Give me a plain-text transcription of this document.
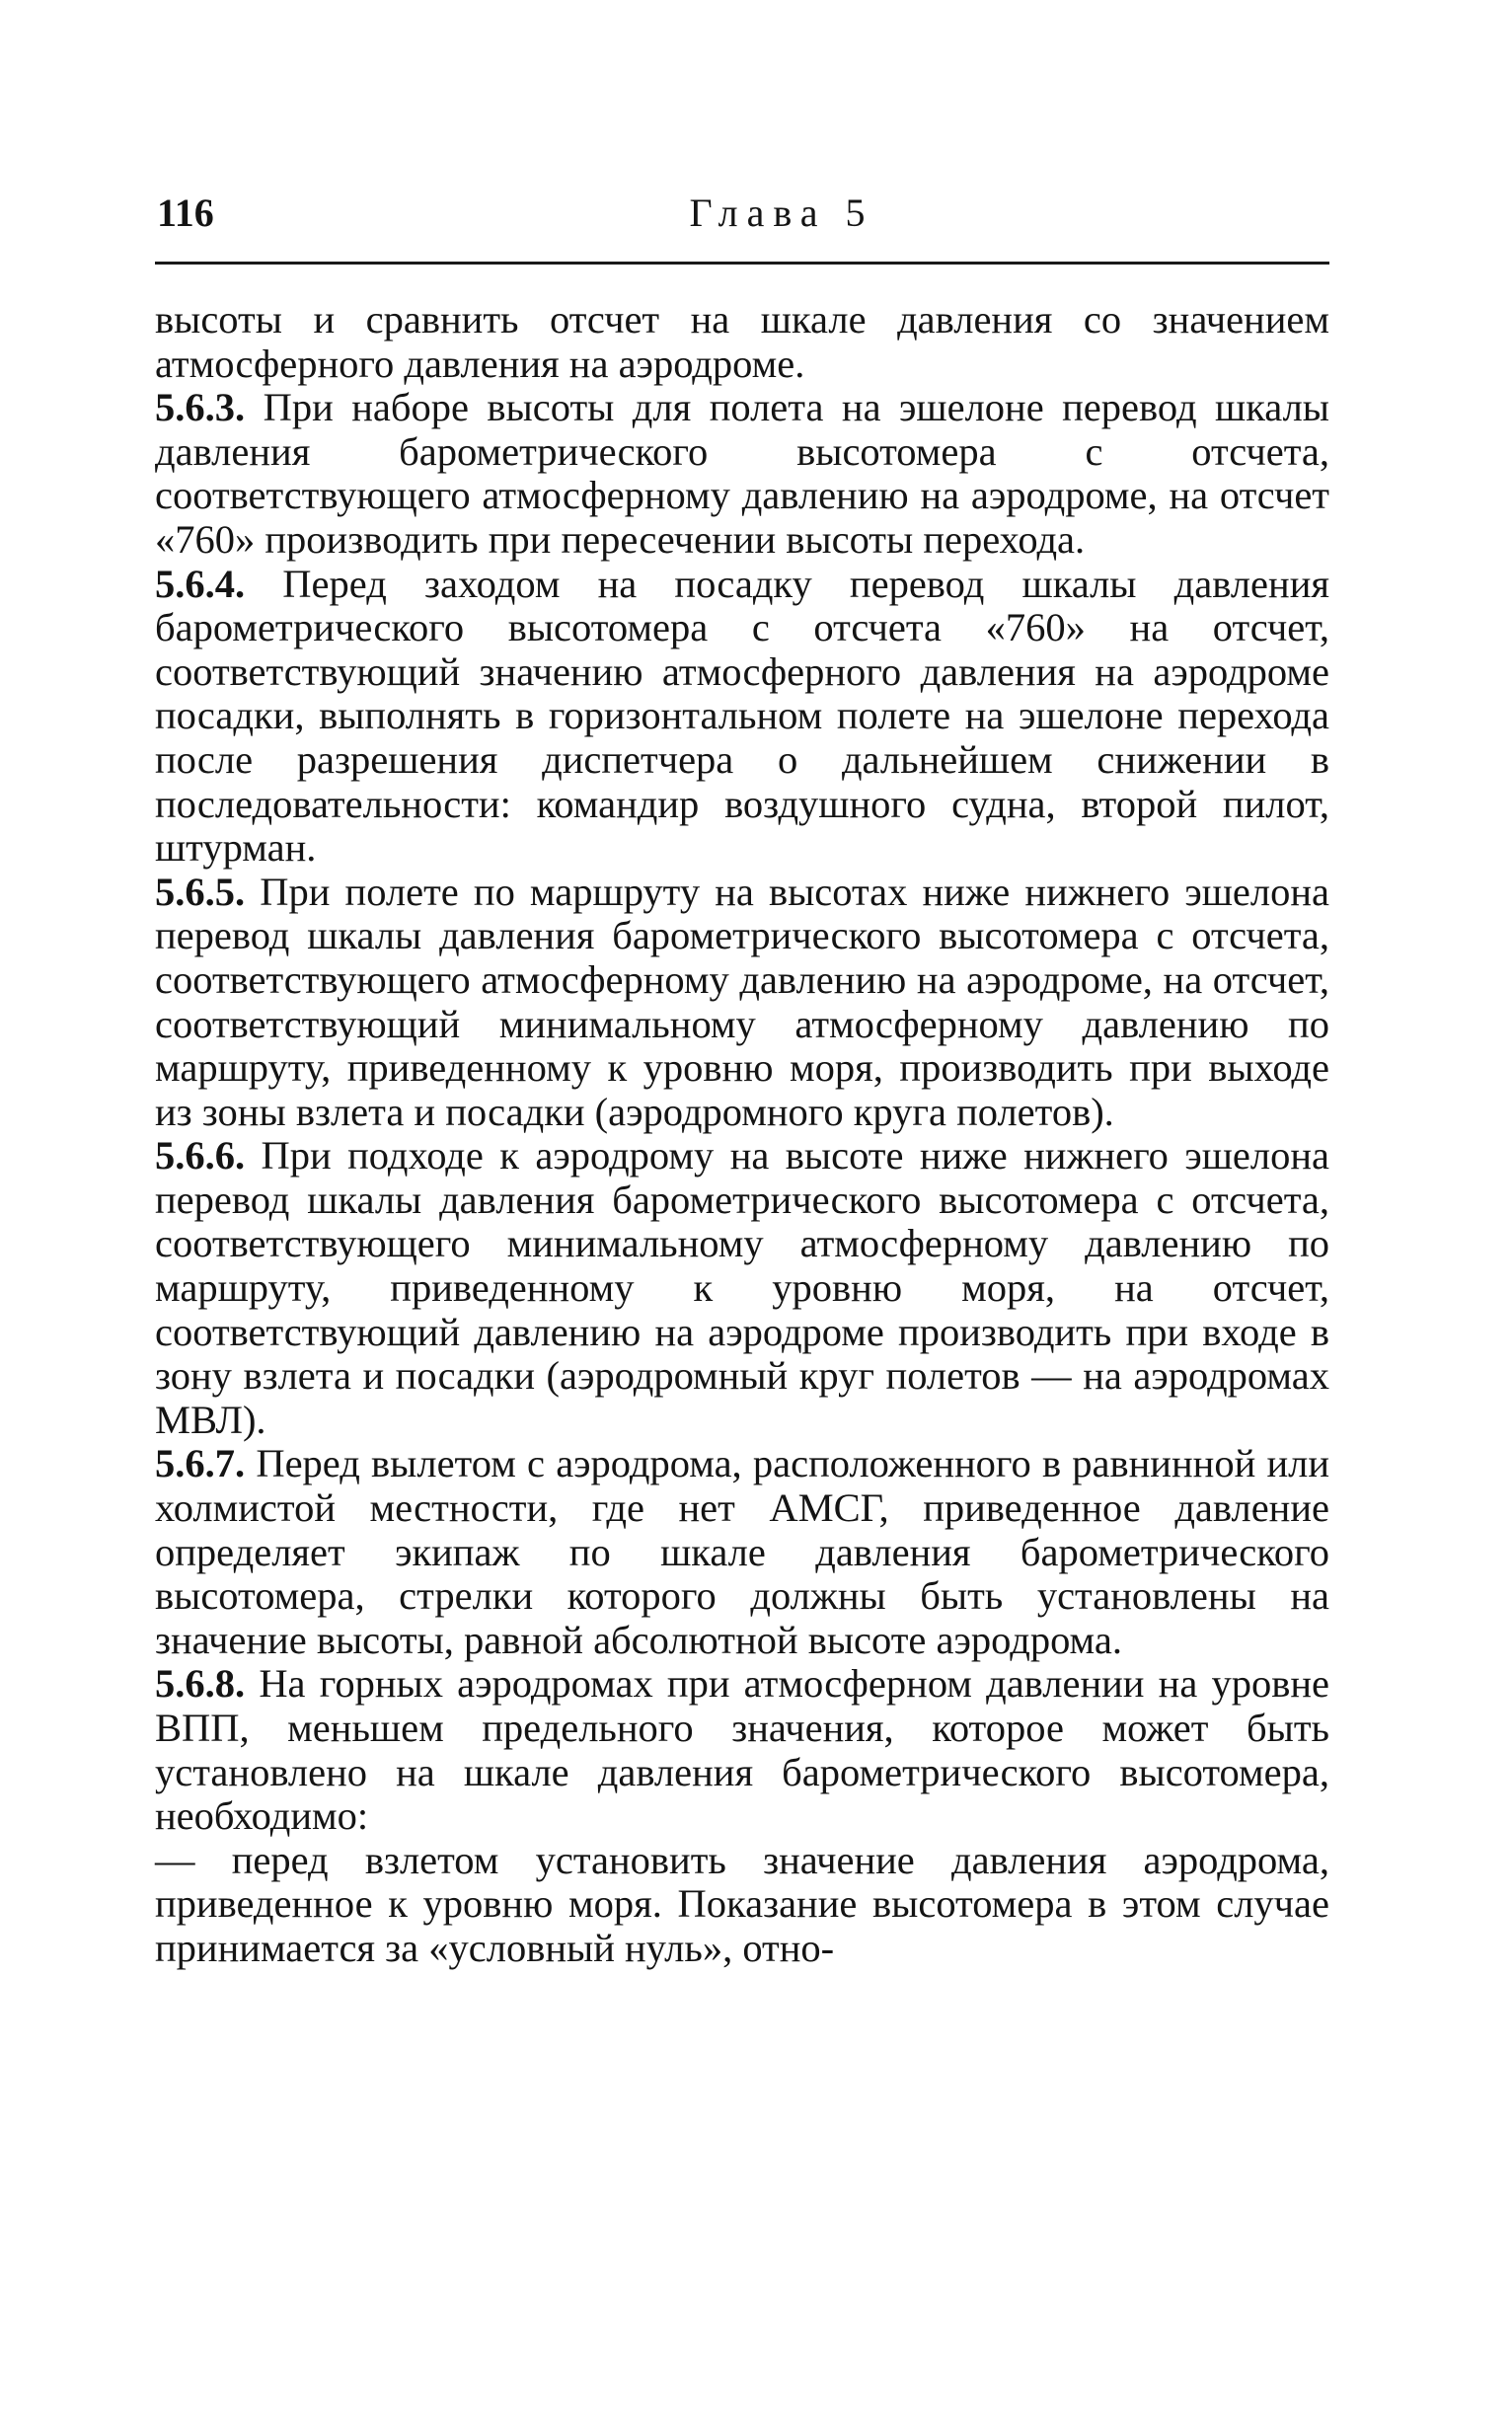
116	Глава 5

высоты и сравнить отсчет на шкале давления со значением атмосферного давления на аэродроме.

5.6.3. При наборе высоты для полета на эшелоне перевод шкалы давления барометрического высотомера с отсчета, соответствующего атмосферному давлению на аэродроме, на отсчет «760» производить при пересечении высоты перехода.

5.6.4. Перед заходом на посадку перевод шкалы давления барометрического высотомера с отсчета «760» на отсчет, соответствующий значению атмосферного давления на аэродроме посадки, выполнять в горизонтальном полете на эшелоне перехода после разрешения диспетчера о дальнейшем снижении в последовательности: командир воздушного судна, второй пилот, штурман.

5.6.5. При полете по маршруту на высотах ниже нижнего эшелона перевод шкалы давления барометрического высотомера с отсчета, соответствующего атмосферному давлению на аэродроме, на отсчет, соответствующий минимальному атмосферному давлению по маршруту, приведенному к уровню моря, производить при выходе из зоны взлета и посадки (аэродромного круга полетов).

5.6.6. При подходе к аэродрому на высоте ниже нижнего эшелона перевод шкалы давления барометрического высотомера с отсчета, соответствующего минимальному атмосферному давлению по маршруту, приведенному к уровню моря, на отсчет, соответствующий давлению на аэродроме производить при входе в зону взлета и посадки (аэродромный круг полетов — на аэродромах МВЛ).

5.6.7. Перед вылетом с аэродрома, расположенного в равнинной или холмистой местности, где нет АМСГ, приведенное давление определяет экипаж по шкале давления барометрического высотомера, стрелки которого должны быть установлены на значение высоты, равной абсолютной высоте аэродрома.

5.6.8. На горных аэродромах при атмосферном давлении на уровне ВПП, меньшем предельного значения, которое может быть установлено на шкале давления барометрического высотомера, необходимо:

— перед взлетом установить значение давления аэродрома, приведенное к уровню моря. Показание высотомера в этом случае принимается за «условный нуль», отно-
